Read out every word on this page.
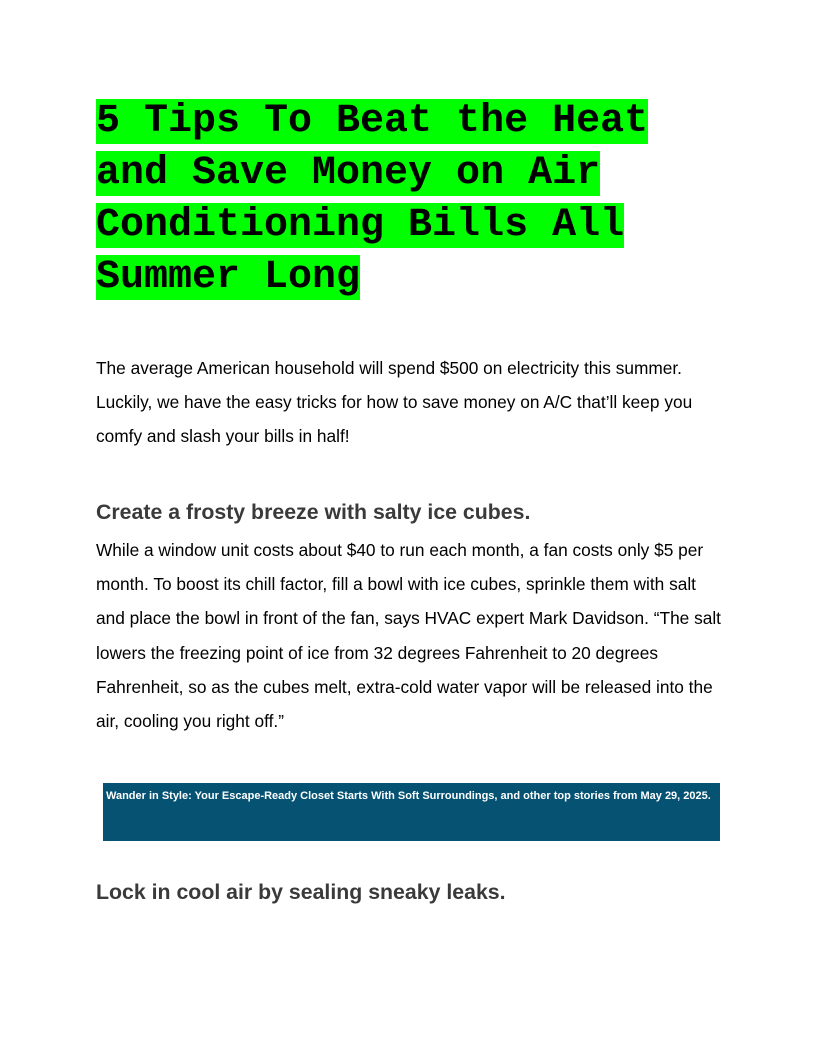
5 Tips To Beat the Heat and Save Money on Air Conditioning Bills All Summer Long

The average American household will spend $500 on electricity this summer. Luckily, we have the easy tricks for how to save money on A/C that’ll keep you comfy and slash your bills in half!

Create a frosty breeze with salty ice cubes.

While a window unit costs about $40 to run each month, a fan costs only $5 per month. To boost its chill factor, fill a bowl with ice cubes, sprinkle them with salt and place the bowl in front of the fan, says HVAC expert Mark Davidson. “The salt lowers the freezing point of ice from 32 degrees Fahrenheit to 20 degrees Fahrenheit, so as the cubes melt, extra-cold water vapor will be released into the air, cooling you right off.”

Wander in Style: Your Escape-Ready Closet Starts With Soft Surroundings, and other top stories from May 29, 2025.
Lock in cool air by sealing sneaky leaks.
